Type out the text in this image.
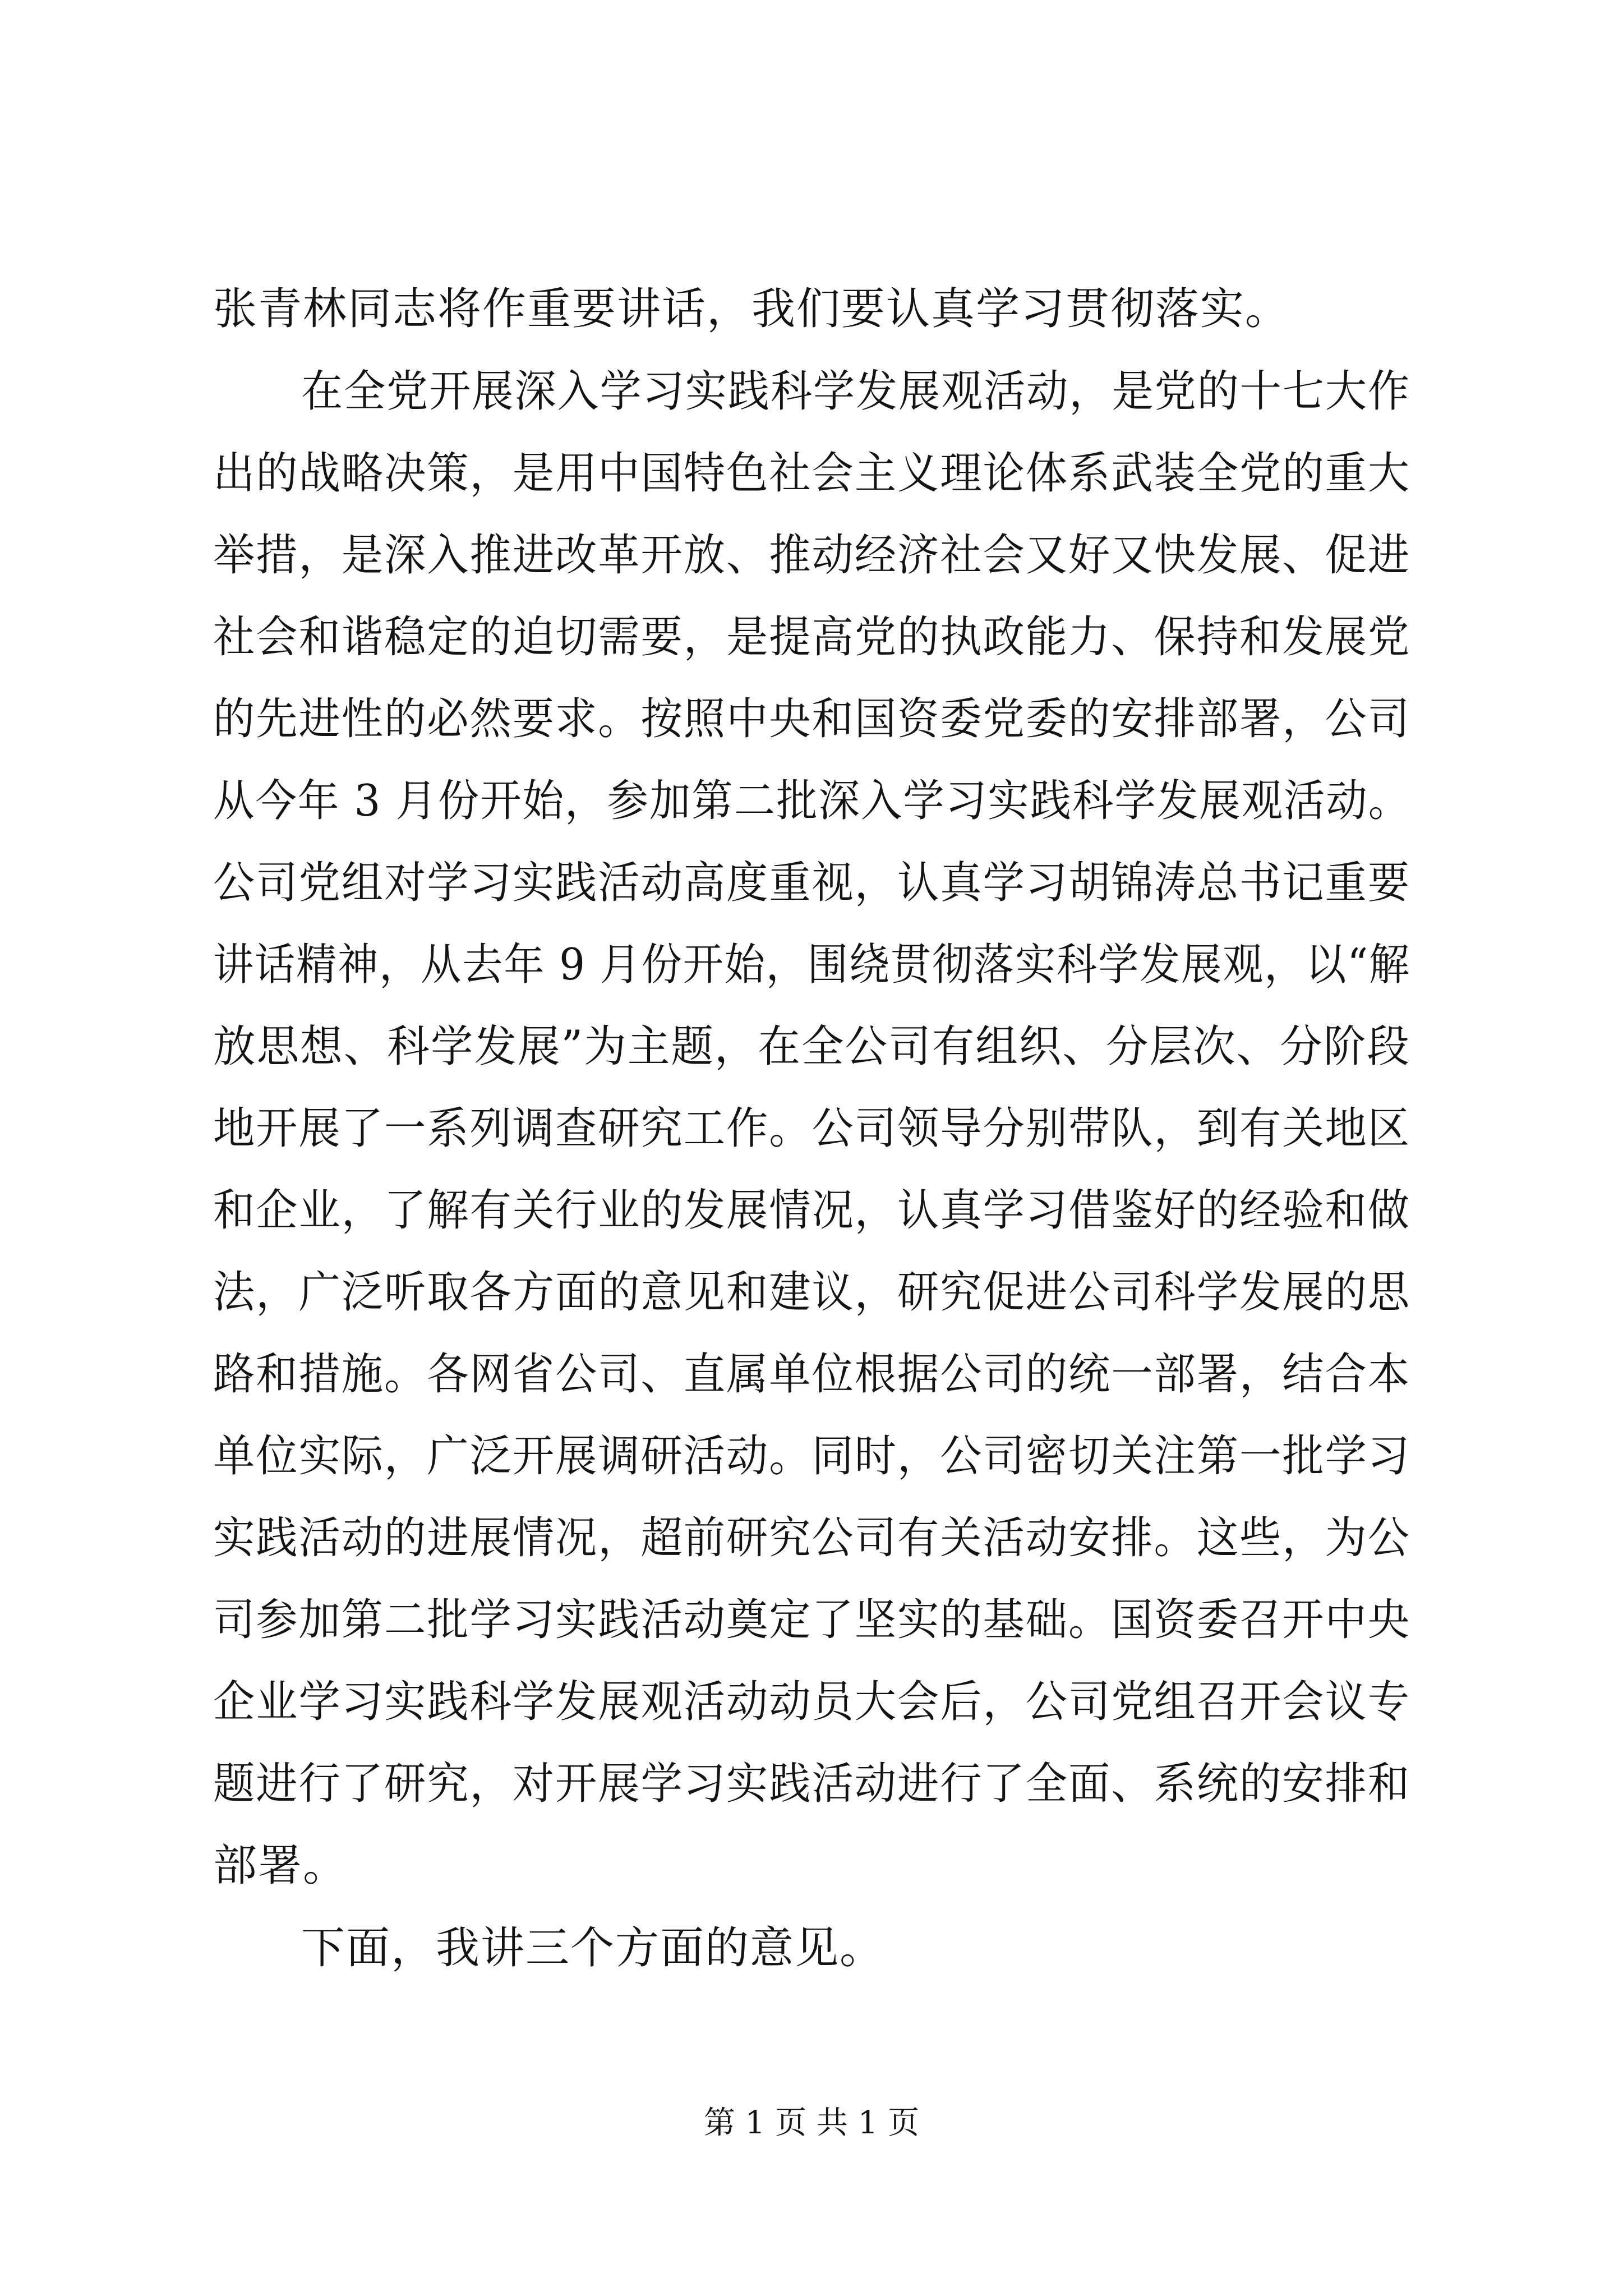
张青林同志将作重要讲话，我们要认真学习贯彻落实。
在全党开展深入学习实践科学发展观活动，是党的十七大作
出的战略决策，是用中国特色社会主义理论体系武装全党的重大
举措，是深入推进改革开放、推动经济社会又好又快发展、促进
社会和谐稳定的迫切需要，是提高党的执政能力、保持和发展党
的先进性的必然要求。按照中央和国资委党委的安排部署，公司
从今年 3 月份开始，参加第二批深入学习实践科学发展观活动。
公司党组对学习实践活动高度重视，认真学习胡锦涛总书记重要
讲话精神，从去年 9 月份开始，围绕贯彻落实科学发展观，以“解
放思想、科学发展”为主题，在全公司有组织、分层次、分阶段
地开展了一系列调查研究工作。公司领导分别带队，到有关地区
和企业，了解有关行业的发展情况，认真学习借鉴好的经验和做
法，广泛听取各方面的意见和建议，研究促进公司科学发展的思
路和措施。各网省公司、直属单位根据公司的统一部署，结合本
单位实际，广泛开展调研活动。同时，公司密切关注第一批学习
实践活动的进展情况，超前研究公司有关活动安排。这些，为公
司参加第二批学习实践活动奠定了坚实的基础。国资委召开中央
企业学习实践科学发展观活动动员大会后，公司党组召开会议专
题进行了研究，对开展学习实践活动进行了全面、系统的安排和
部署。
下面，我讲三个方面的意见。
第 1 页 共 1 页
